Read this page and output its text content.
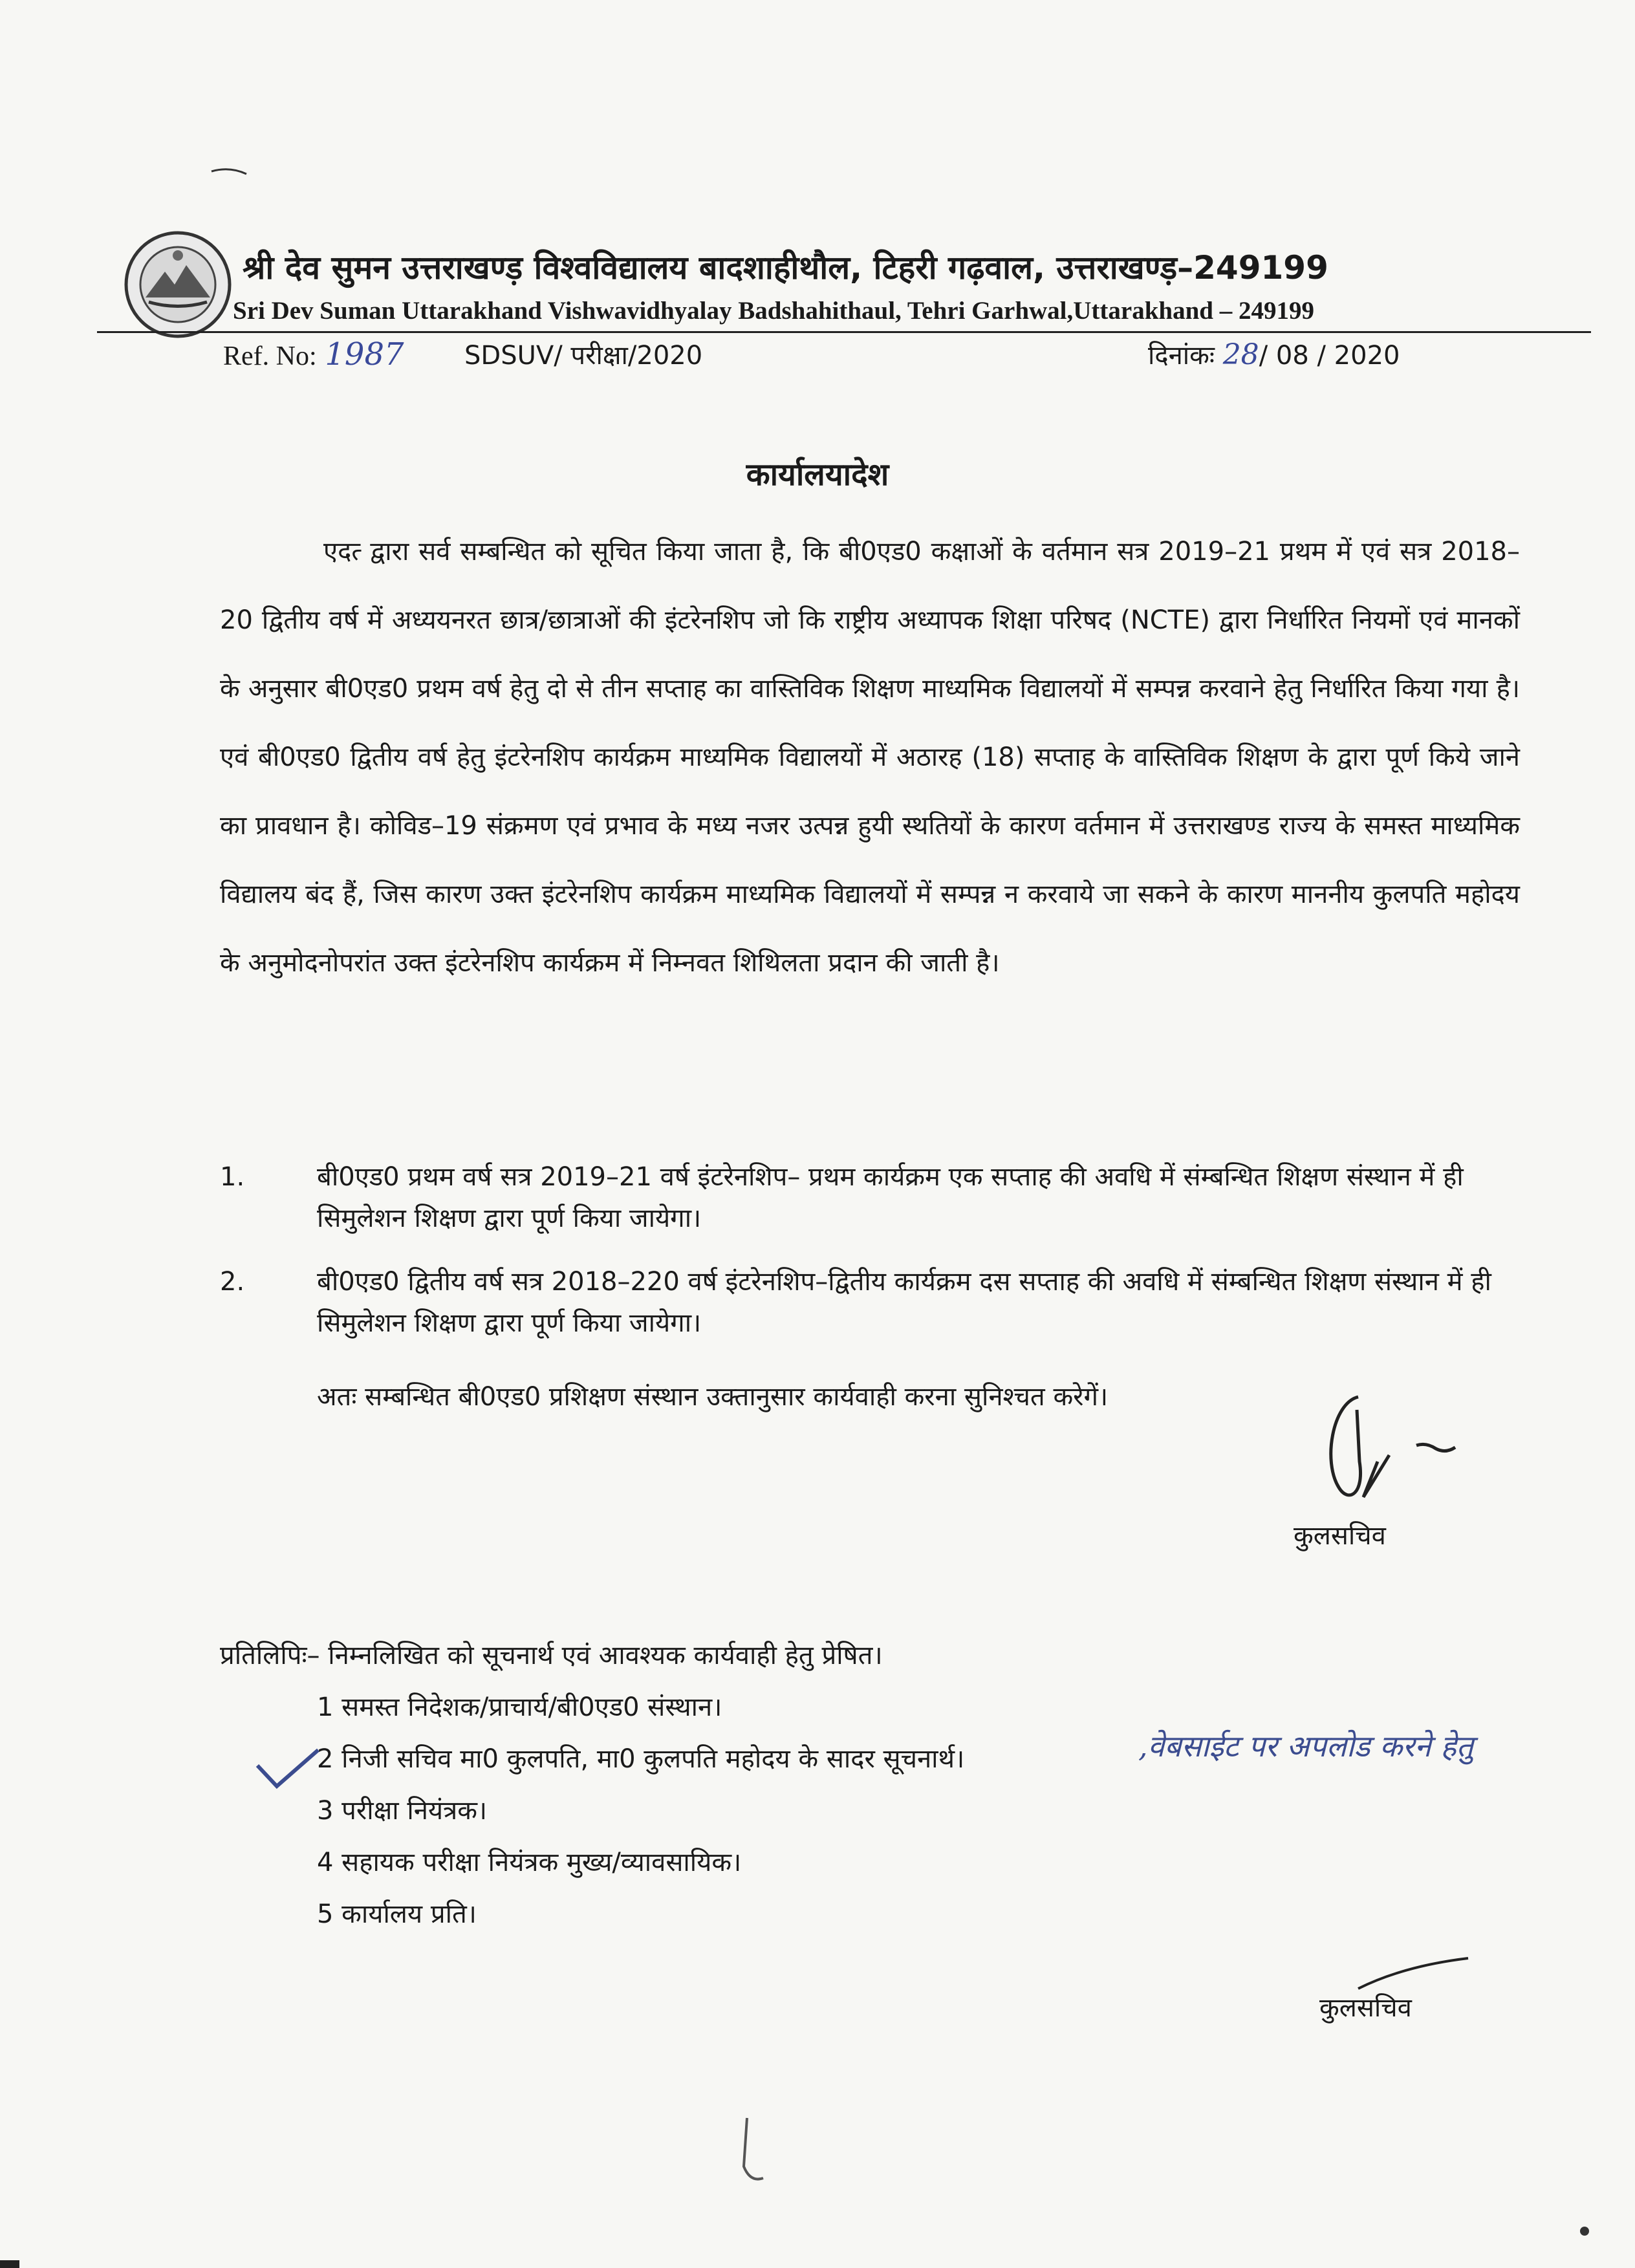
श्री देव सुमन उत्तराखण्ड़ विश्वविद्यालय बादशाहीथौल, टिहरी गढ़वाल, उत्तराखण्ड़–249199
Sri Dev Suman Uttarakhand Vishwavidhyalay Badshahithaul, Tehri Garhwal,Uttarakhand – 249199
Ref. No: 1987 SDSUV/ परीक्षा/2020	दिनांकः 28/ 08 / 2020
कार्यालयादेश
एदत्‍ द्वारा सर्व सम्बन्धित को सूचित किया जाता है, कि बी0एड0 कक्षाओं के वर्तमान सत्र 2019–21 प्रथम में एवं सत्र 2018–20 द्वितीय वर्ष में अध्ययनरत छात्र/छात्राओं की इंटरेनशिप जो कि राष्ट्रीय अध्यापक शिक्षा परिषद (NCTE) द्वारा निर्धारित नियमों एवं मानकों के अनुसार बी0एड0 प्रथम वर्ष हेतु दो से तीन सप्ताह का वास्तिविक शिक्षण माध्यमिक विद्यालयों में सम्पन्न करवाने हेतु निर्धारित किया गया है। एवं बी0एड0 द्वितीय वर्ष हेतु इंटरेनशिप कार्यक्रम माध्यमिक विद्यालयों में अठारह (18) सप्ताह के वास्तिविक शिक्षण के द्वारा पूर्ण किये जाने का प्रावधान है। कोविड–19 संक्रमण एवं प्रभाव के मध्य नजर उत्पन्न हुयी स्थतियों के कारण वर्तमान में उत्तराखण्ड राज्य के समस्त माध्यमिक विद्यालय बंद हैं, जिस कारण उक्त इंटरेनशिप कार्यक्रम माध्यमिक विद्यालयों में सम्पन्न न करवाये जा सकने के कारण माननीय कुलपति महोदय के अनुमोदनोपरांत उक्त इंटरेनशिप कार्यक्रम में निम्नवत शिथिलता प्रदान की जाती है।
1.	बी0एड0 प्रथम वर्ष सत्र 2019–21 वर्ष इंटरेनशिप– प्रथम कार्यक्रम एक सप्ताह की अवधि में संम्बन्धित शिक्षण संस्थान में ही सिमुलेशन शिक्षण द्वारा पूर्ण किया जायेगा।
2.	बी0एड0 द्वितीय वर्ष सत्र 2018–220 वर्ष इंटरेनशिप–द्वितीय कार्यक्रम दस सप्ताह की अवधि में संम्बन्धित शिक्षण संस्थान में ही सिमुलेशन शिक्षण द्वारा पूर्ण किया जायेगा।
अतः सम्बन्धित बी0एड0 प्रशिक्षण संस्थान उक्तानुसार कार्यवाही करना सुनिश्चत करेगें।
कुलसचिव
प्रतिलिपिः– निम्नलिखित को सूचनार्थ एवं आवश्यक कार्यवाही हेतु प्रेषित।
1 समस्त निदेशक/प्राचार्य/बी0एड0 संस्थान।
2 निजी सचिव मा0 कुलपति, मा0 कुलपति महोदय के सादर सूचनार्थ।	,वेबसाईट पर अपलोड करने हेतु
3 परीक्षा नियंत्रक।
4 सहायक परीक्षा नियंत्रक मुख्य/व्यावसायिक।
5 कार्यालय प्रति।
कुलसचिव
